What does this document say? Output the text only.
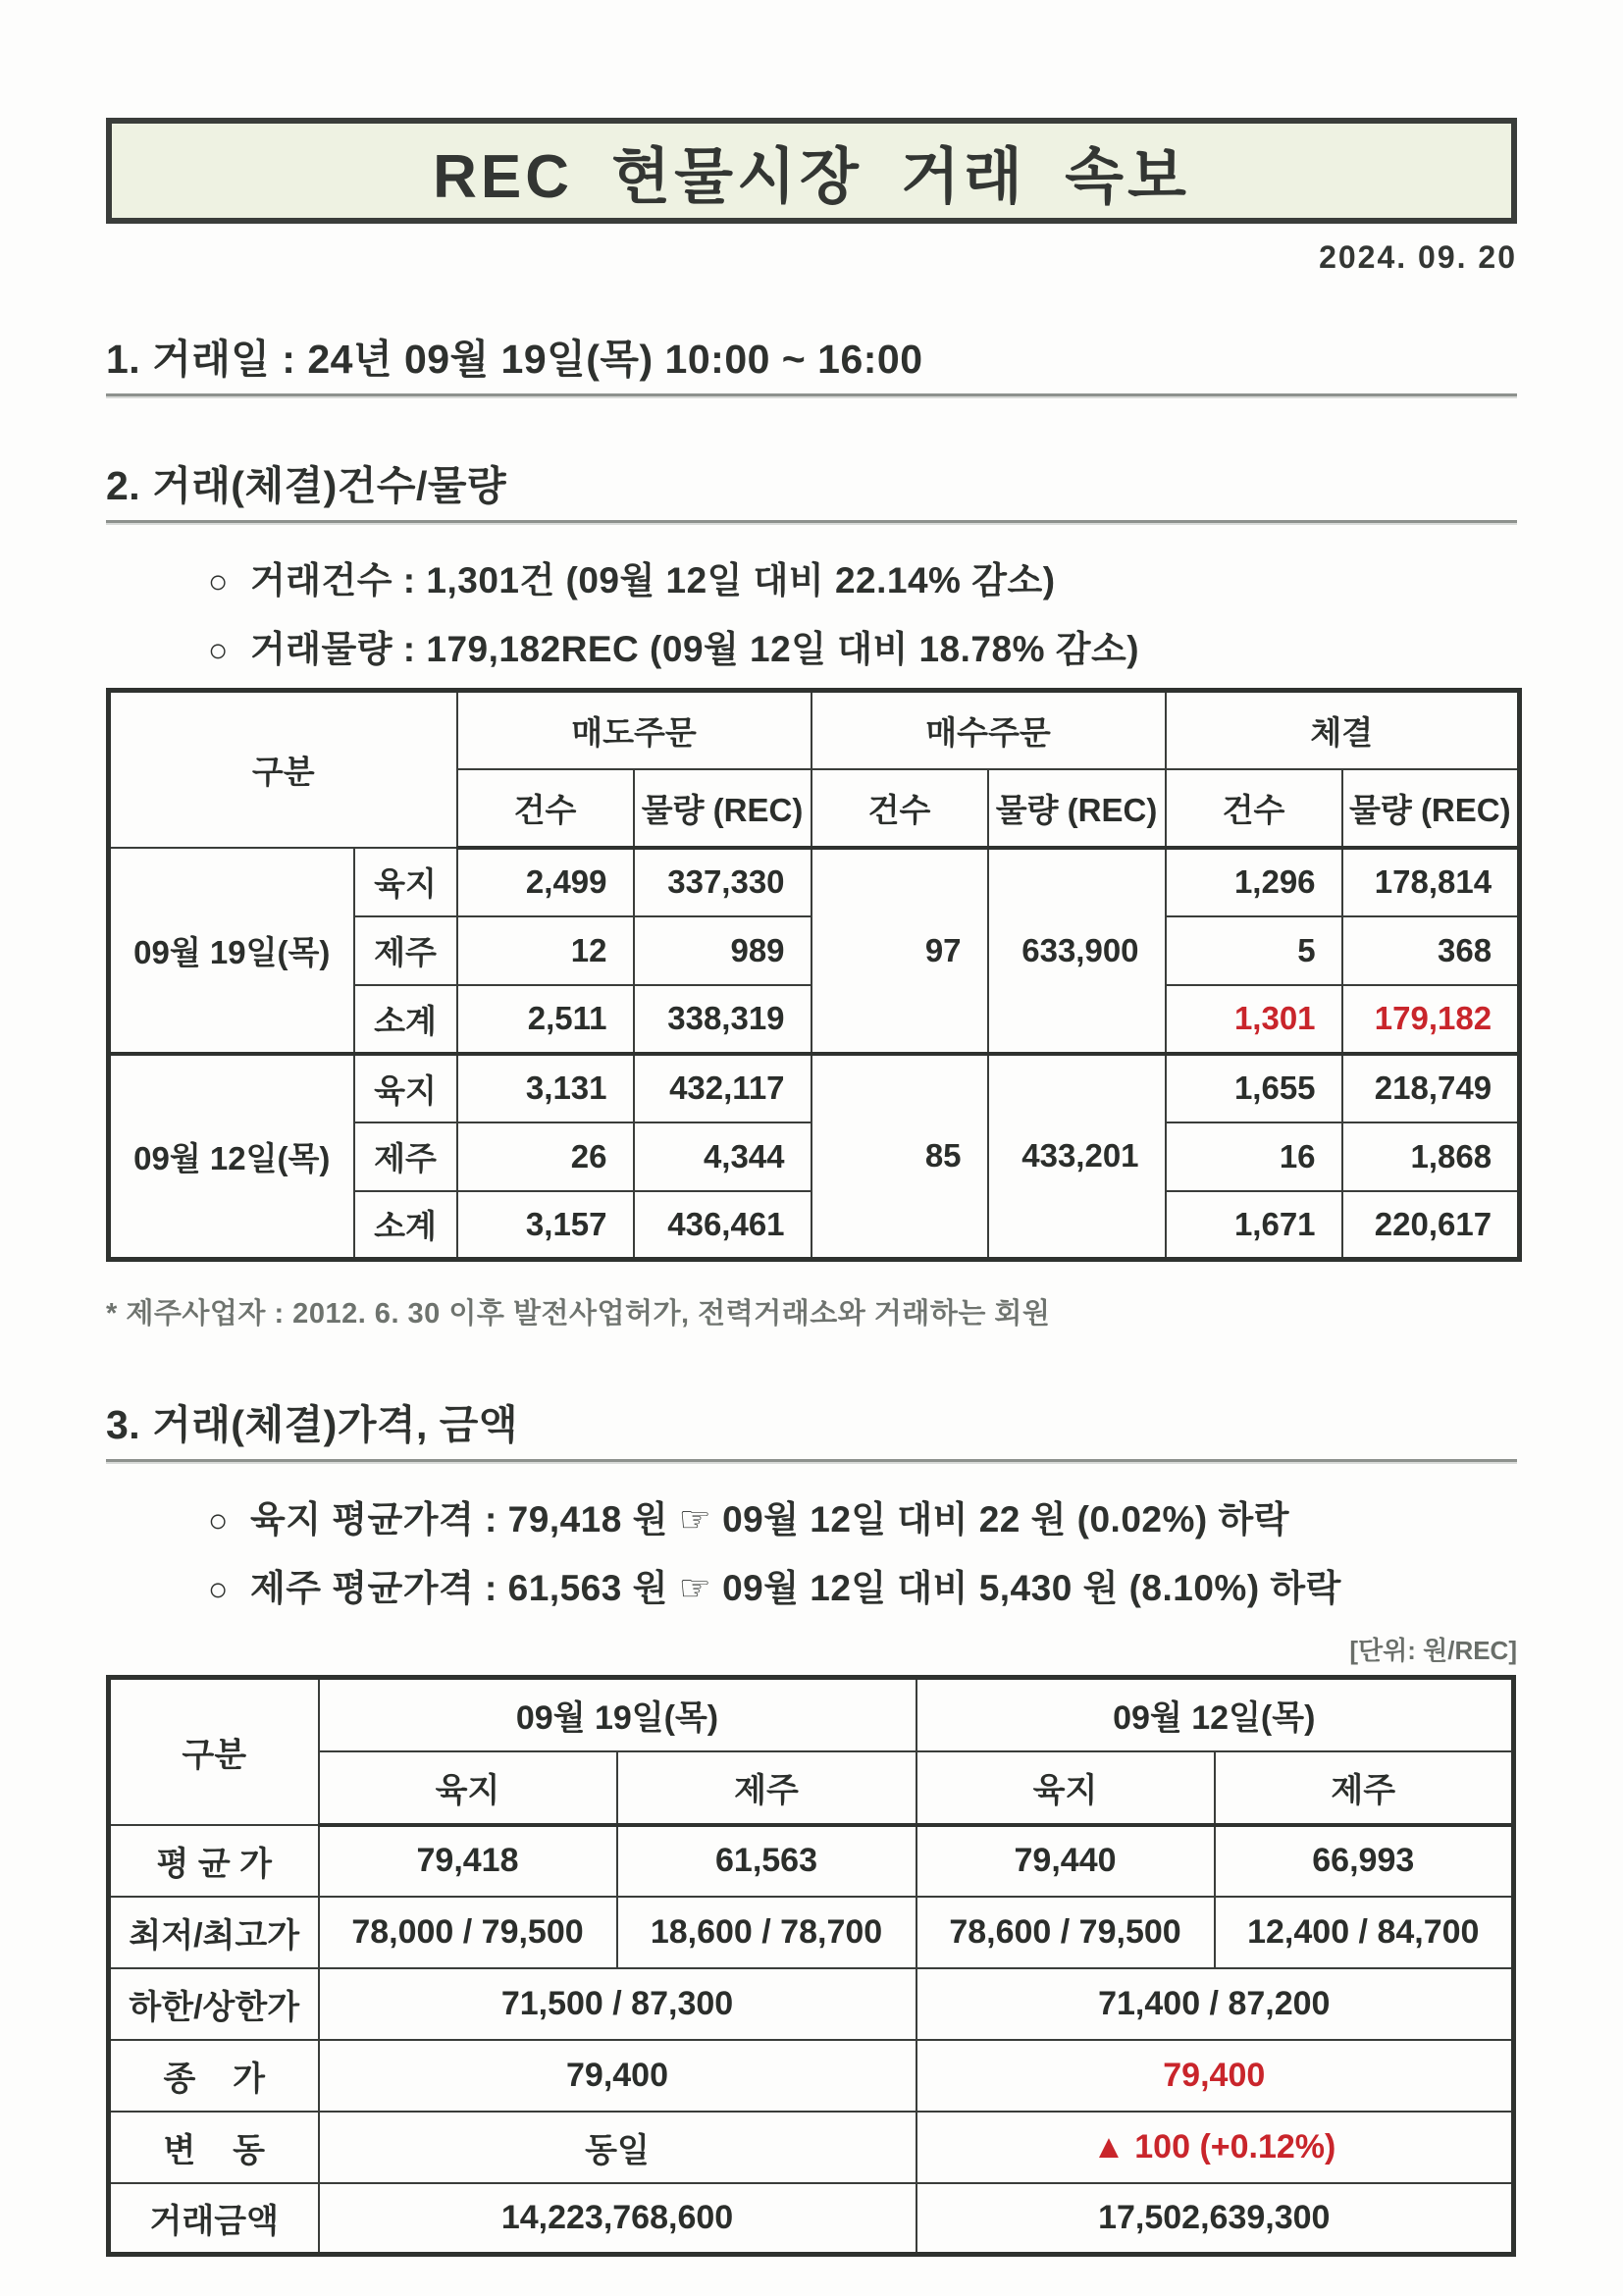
REC 현물시장 거래 속보
2024. 09. 20
1. 거래일 : 24년 09월 19일(목) 10:00 ~ 16:00
2. 거래(체결)건수/물량
○ 거래건수 : 1,301건 (09월 12일 대비 22.14% 감소)
○ 거래물량 : 179,182REC (09월 12일 대비 18.78% 감소)
구분		매도주문		매수주문		체결	
		건수	물량 (REC)	건수	물량 (REC)	건수	물량 (REC)
09월 19일(목)	육지	2,499	337,330	97	633,900	1,296	178,814
	제주	12	989			5	368
	소계	2,511	338,319			1,301	179,182
09월 12일(목)	육지	3,131	432,117	85	433,201	1,655	218,749
	제주	26	4,344			16	1,868
	소계	3,157	436,461			1,671	220,617
* 제주사업자 : 2012. 6. 30 이후 발전사업허가, 전력거래소와 거래하는 회원
3. 거래(체결)가격, 금액
○ 육지 평균가격 : 79,418 원 ☞ 09월 12일 대비 22 원 (0.02%) 하락
○ 제주 평균가격 : 61,563 원 ☞ 09월 12일 대비 5,430 원 (8.10%) 하락
[단위: 원/REC]
구분	09월 19일(목)		09월 12일(목)	
	육지	제주	육지	제주
평 균 가	79,418	61,563	79,440	66,993
최저/최고가	78,000 / 79,500	18,600 / 78,700	78,600 / 79,500	12,400 / 84,700
하한/상한가	71,500 / 87,300		71,400 / 87,200	
종    가	79,400		79,400	
변    동	동일		▲ 100 (+0.12%)	
거래금액	14,223,768,600		17,502,639,300	
